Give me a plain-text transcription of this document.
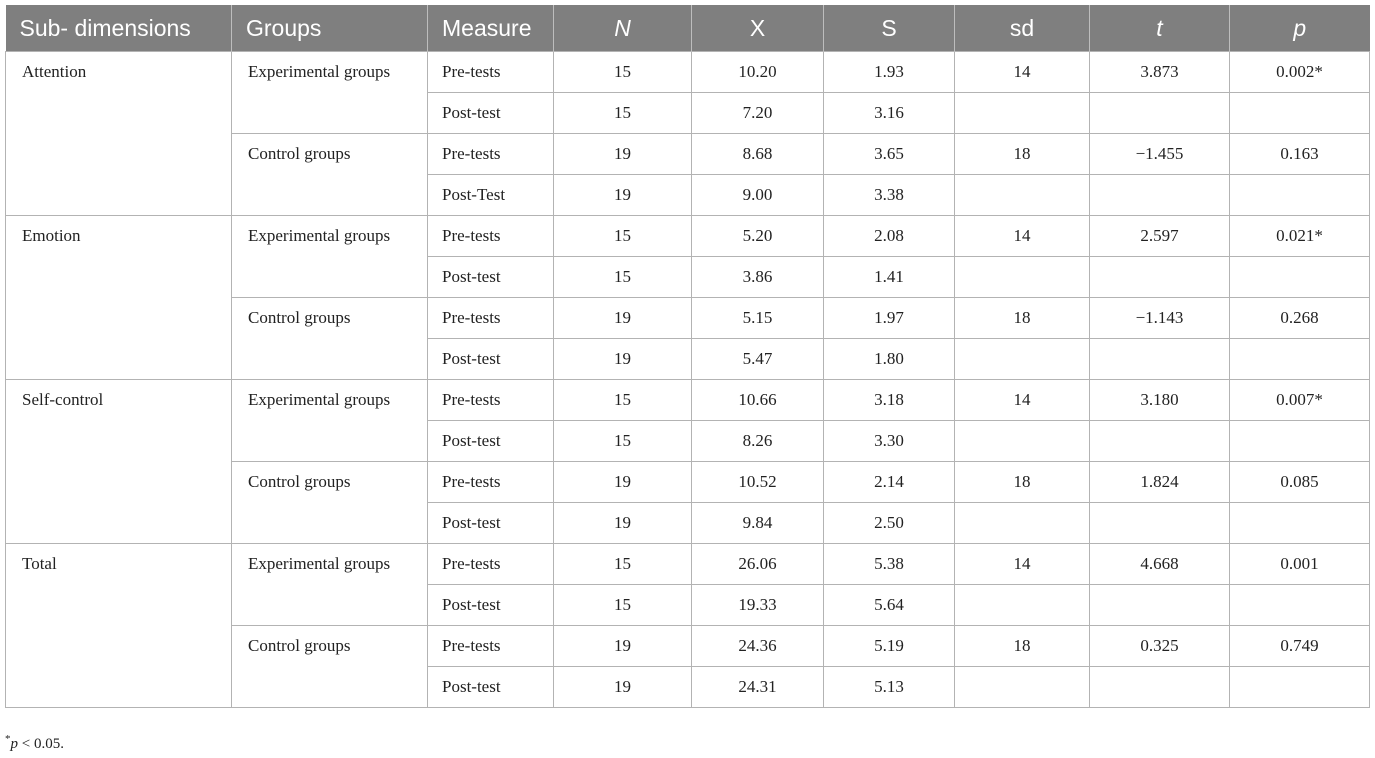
Sub- dimensions	Groups	Measure	N	X	S	sd	t	p
Attention	Experimental groups	Pre-tests	15	10.20	1.93	14	3.873	0.002*
		Post-test	15	7.20	3.16			
	Control groups	Pre-tests	19	8.68	3.65	18	−1.455	0.163
		Post-Test	19	9.00	3.38			
Emotion	Experimental groups	Pre-tests	15	5.20	2.08	14	2.597	0.021*
		Post-test	15	3.86	1.41			
	Control groups	Pre-tests	19	5.15	1.97	18	−1.143	0.268
		Post-test	19	5.47	1.80			
Self-control	Experimental groups	Pre-tests	15	10.66	3.18	14	3.180	0.007*
		Post-test	15	8.26	3.30			
	Control groups	Pre-tests	19	10.52	2.14	18	1.824	0.085
		Post-test	19	9.84	2.50			
Total	Experimental groups	Pre-tests	15	26.06	5.38	14	4.668	0.001
		Post-test	15	19.33	5.64			
	Control groups	Pre-tests	19	24.36	5.19	18	0.325	0.749
		Post-test	19	24.31	5.13			
*p < 0.05.
